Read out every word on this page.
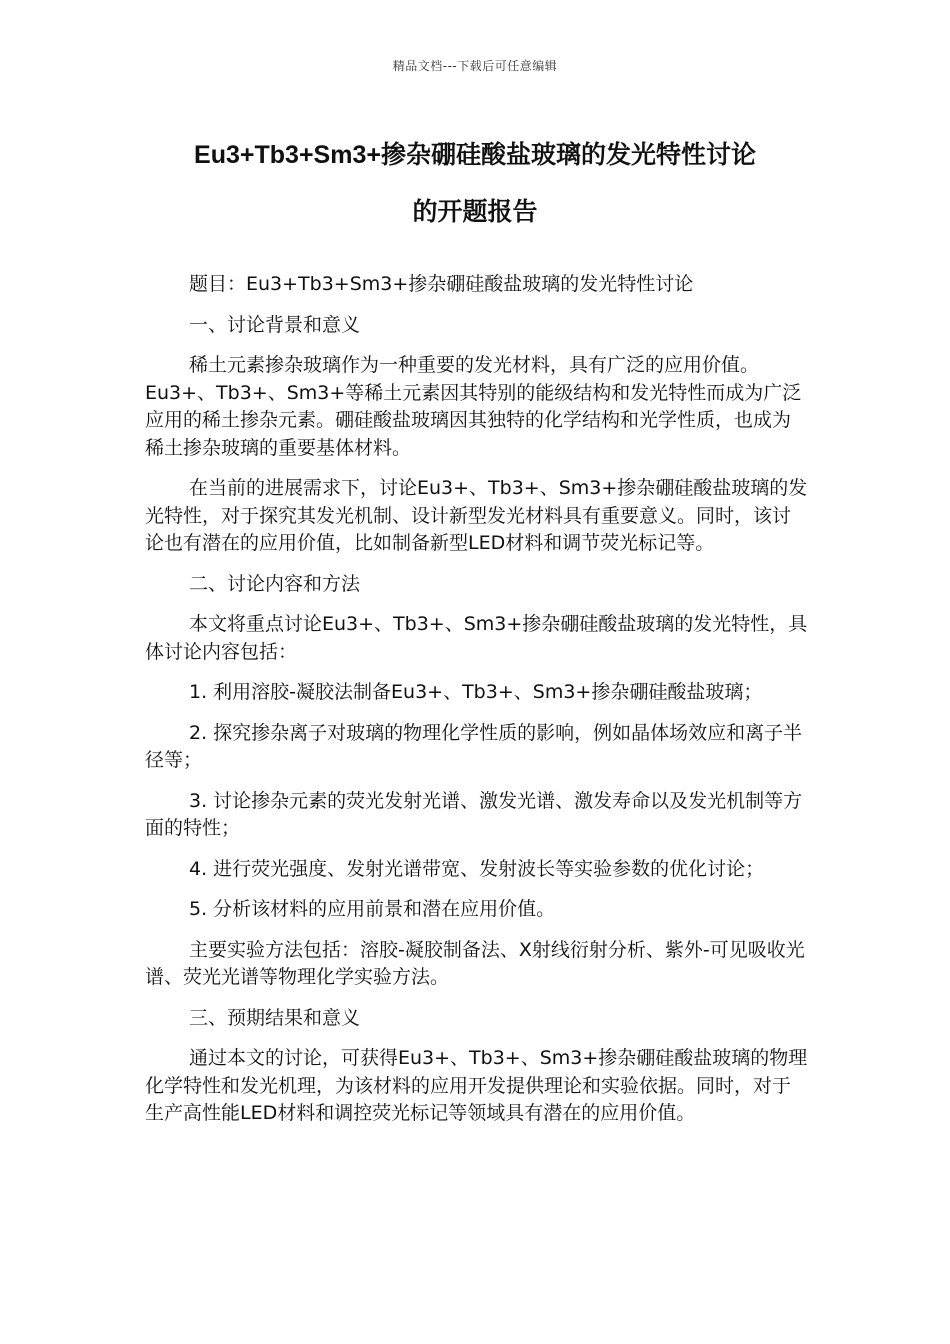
精品文档---下载后可任意编辑
Eu3+Tb3+Sm3+掺杂硼硅酸盐玻璃的发光特性讨论
的开题报告

题目：Eu3+Tb3+Sm3+掺杂硼硅酸盐玻璃的发光特性讨论

一、讨论背景和意义

稀土元素掺杂玻璃作为一种重要的发光材料，具有广泛的应用价值。Eu3+、Tb3+、Sm3+等稀土元素因其特别的能级结构和发光特性而成为广泛应用的稀土掺杂元素。硼硅酸盐玻璃因其独特的化学结构和光学性质，也成为稀土掺杂玻璃的重要基体材料。

在当前的进展需求下，讨论Eu3+、Tb3+、Sm3+掺杂硼硅酸盐玻璃的发光特性，对于探究其发光机制、设计新型发光材料具有重要意义。同时，该讨论也有潜在的应用价值，比如制备新型LED材料和调节荧光标记等。

二、讨论内容和方法

本文将重点讨论Eu3+、Tb3+、Sm3+掺杂硼硅酸盐玻璃的发光特性，具体讨论内容包括：

1. 利用溶胶-凝胶法制备Eu3+、Tb3+、Sm3+掺杂硼硅酸盐玻璃；

2. 探究掺杂离子对玻璃的物理化学性质的影响，例如晶体场效应和离子半径等；

3. 讨论掺杂元素的荧光发射光谱、激发光谱、激发寿命以及发光机制等方面的特性；

4. 进行荧光强度、发射光谱带宽、发射波长等实验参数的优化讨论；

5. 分析该材料的应用前景和潜在应用价值。

主要实验方法包括：溶胶-凝胶制备法、X射线衍射分析、紫外-可见吸收光谱、荧光光谱等物理化学实验方法。

三、预期结果和意义

通过本文的讨论，可获得Eu3+、Tb3+、Sm3+掺杂硼硅酸盐玻璃的物理化学特性和发光机理，为该材料的应用开发提供理论和实验依据。同时，对于生产高性能LED材料和调控荧光标记等领域具有潜在的应用价值。
